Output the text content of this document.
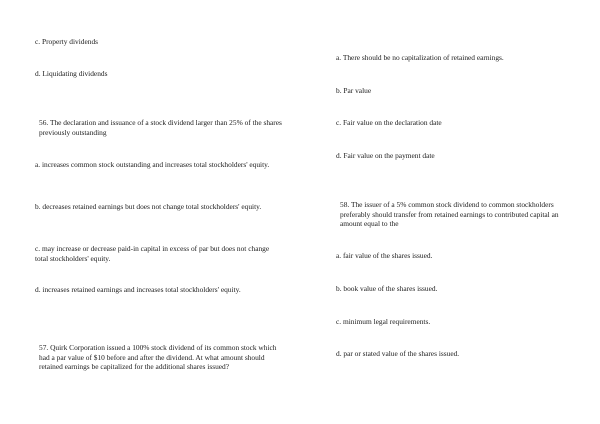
c. Property dividends
d. Liquidating dividends
56. The declaration and issuance of a stock dividend larger than 25% of the shares previously outstanding
a. increases common stock outstanding and increases total stockholders' equity.
b. decreases retained earnings but does not change total stockholders' equity.
c. may increase or decrease paid-in capital in excess of par but does not change total stockholders' equity.
d. increases retained earnings and increases total stockholders' equity.
57. Quirk Corporation issued a 100% stock dividend of its common stock which had a par value of $10 before and after the dividend. At what amount should retained earnings be capitalized for the additional shares issued?
a. There should be no capitalization of retained earnings.
b. Par value
c. Fair value on the declaration date
d. Fair value on the payment date
58. The issuer of a 5% common stock dividend to common stockholders preferably should transfer from retained earnings to contributed capital an amount equal to the
a. fair value of the shares issued.
b. book value of the shares issued.
c. minimum legal requirements.
d. par or stated value of the shares issued.
